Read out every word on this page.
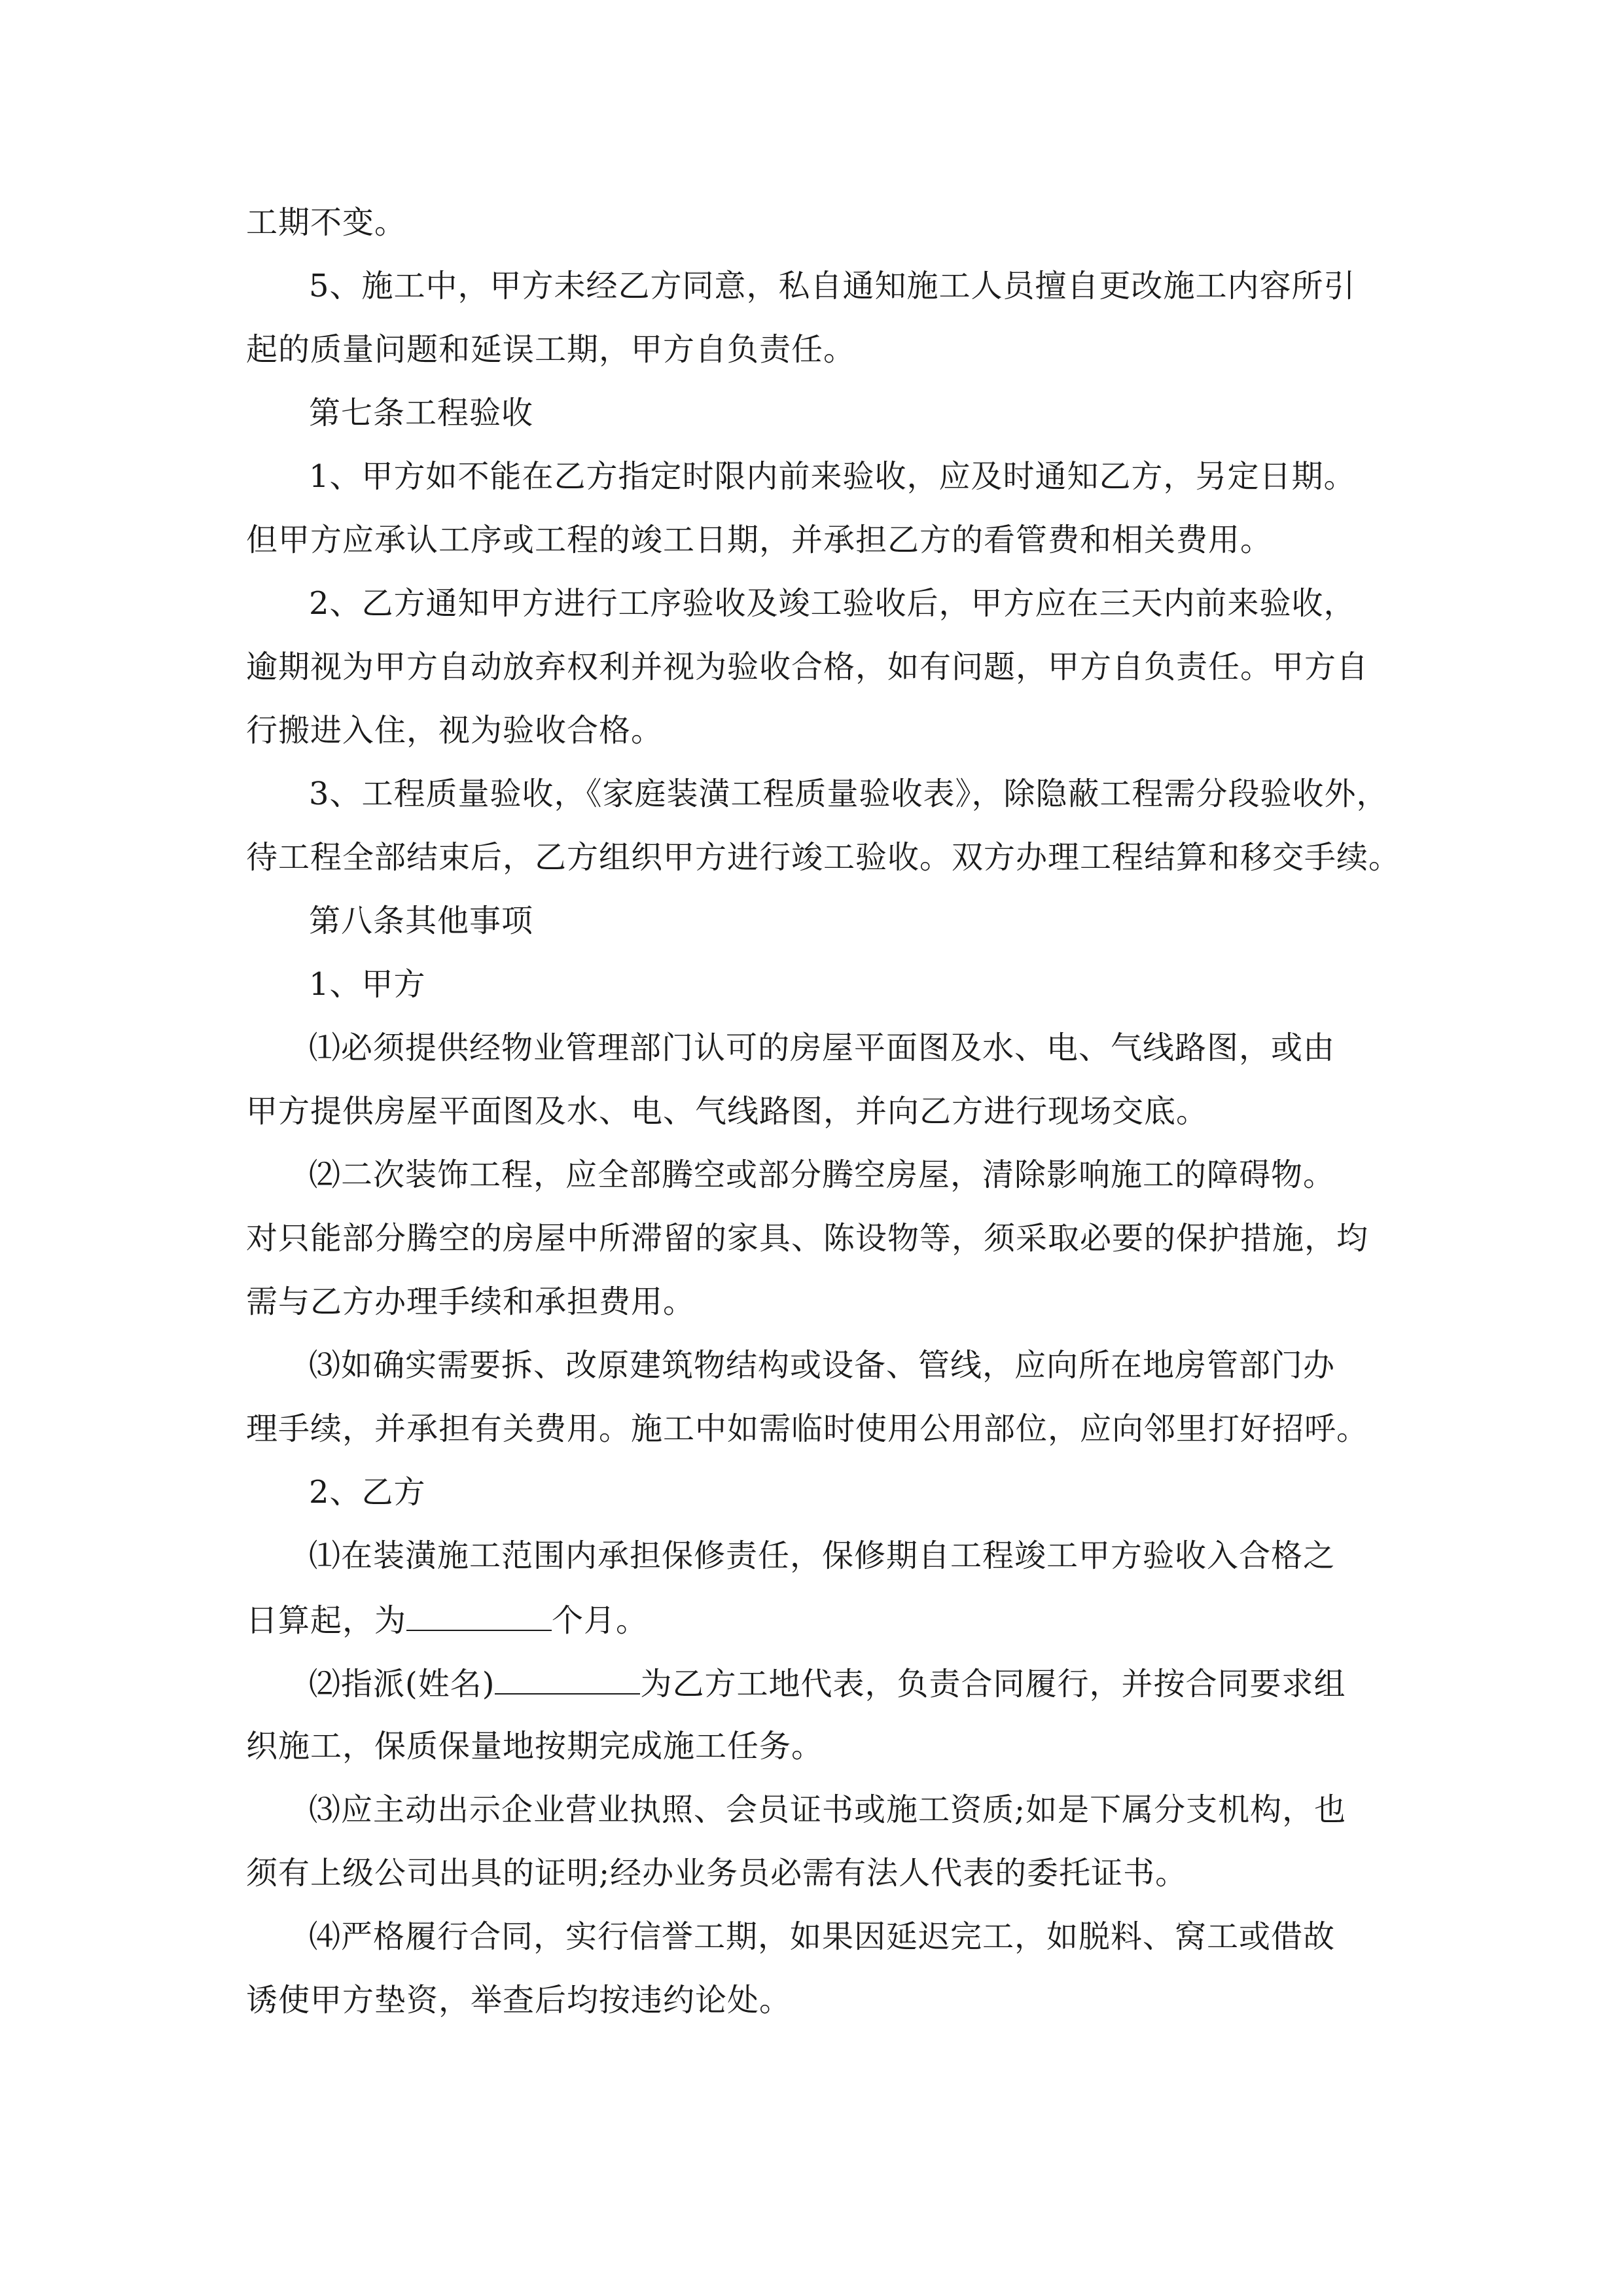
工期不变。
5、施工中，甲方未经乙方同意，私自通知施工人员擅自更改施工内容所引
起的质量问题和延误工期，甲方自负责任。
第七条工程验收
1、甲方如不能在乙方指定时限内前来验收，应及时通知乙方，另定日期。
但甲方应承认工序或工程的竣工日期，并承担乙方的看管费和相关费用。
2、乙方通知甲方进行工序验收及竣工验收后，甲方应在三天内前来验收，
逾期视为甲方自动放弃权利并视为验收合格，如有问题，甲方自负责任。甲方自
行搬进入住，视为验收合格。
3、工程质量验收，《家庭装潢工程质量验收表》，除隐蔽工程需分段验收外，
待工程全部结束后，乙方组织甲方进行竣工验收。双方办理工程结算和移交手续。
第八条其他事项
1、甲方
⑴必须提供经物业管理部门认可的房屋平面图及水、电、气线路图，或由
甲方提供房屋平面图及水、电、气线路图，并向乙方进行现场交底。
⑵二次装饰工程，应全部腾空或部分腾空房屋，清除影响施工的障碍物。
对只能部分腾空的房屋中所滞留的家具、陈设物等，须采取必要的保护措施，均
需与乙方办理手续和承担费用。
⑶如确实需要拆、改原建筑物结构或设备、管线，应向所在地房管部门办
理手续，并承担有关费用。施工中如需临时使用公用部位，应向邻里打好招呼。
2、乙方
⑴在装潢施工范围内承担保修责任，保修期自工程竣工甲方验收入合格之
日算起，为	个月。
⑵指派(姓名)	为乙方工地代表，负责合同履行，并按合同要求组
织施工，保质保量地按期完成施工任务。
⑶应主动出示企业营业执照、会员证书或施工资质;如是下属分支机构，也
须有上级公司出具的证明;经办业务员必需有法人代表的委托证书。
⑷严格履行合同，实行信誉工期，如果因延迟完工，如脱料、窝工或借故
诱使甲方垫资，举查后均按违约论处。
